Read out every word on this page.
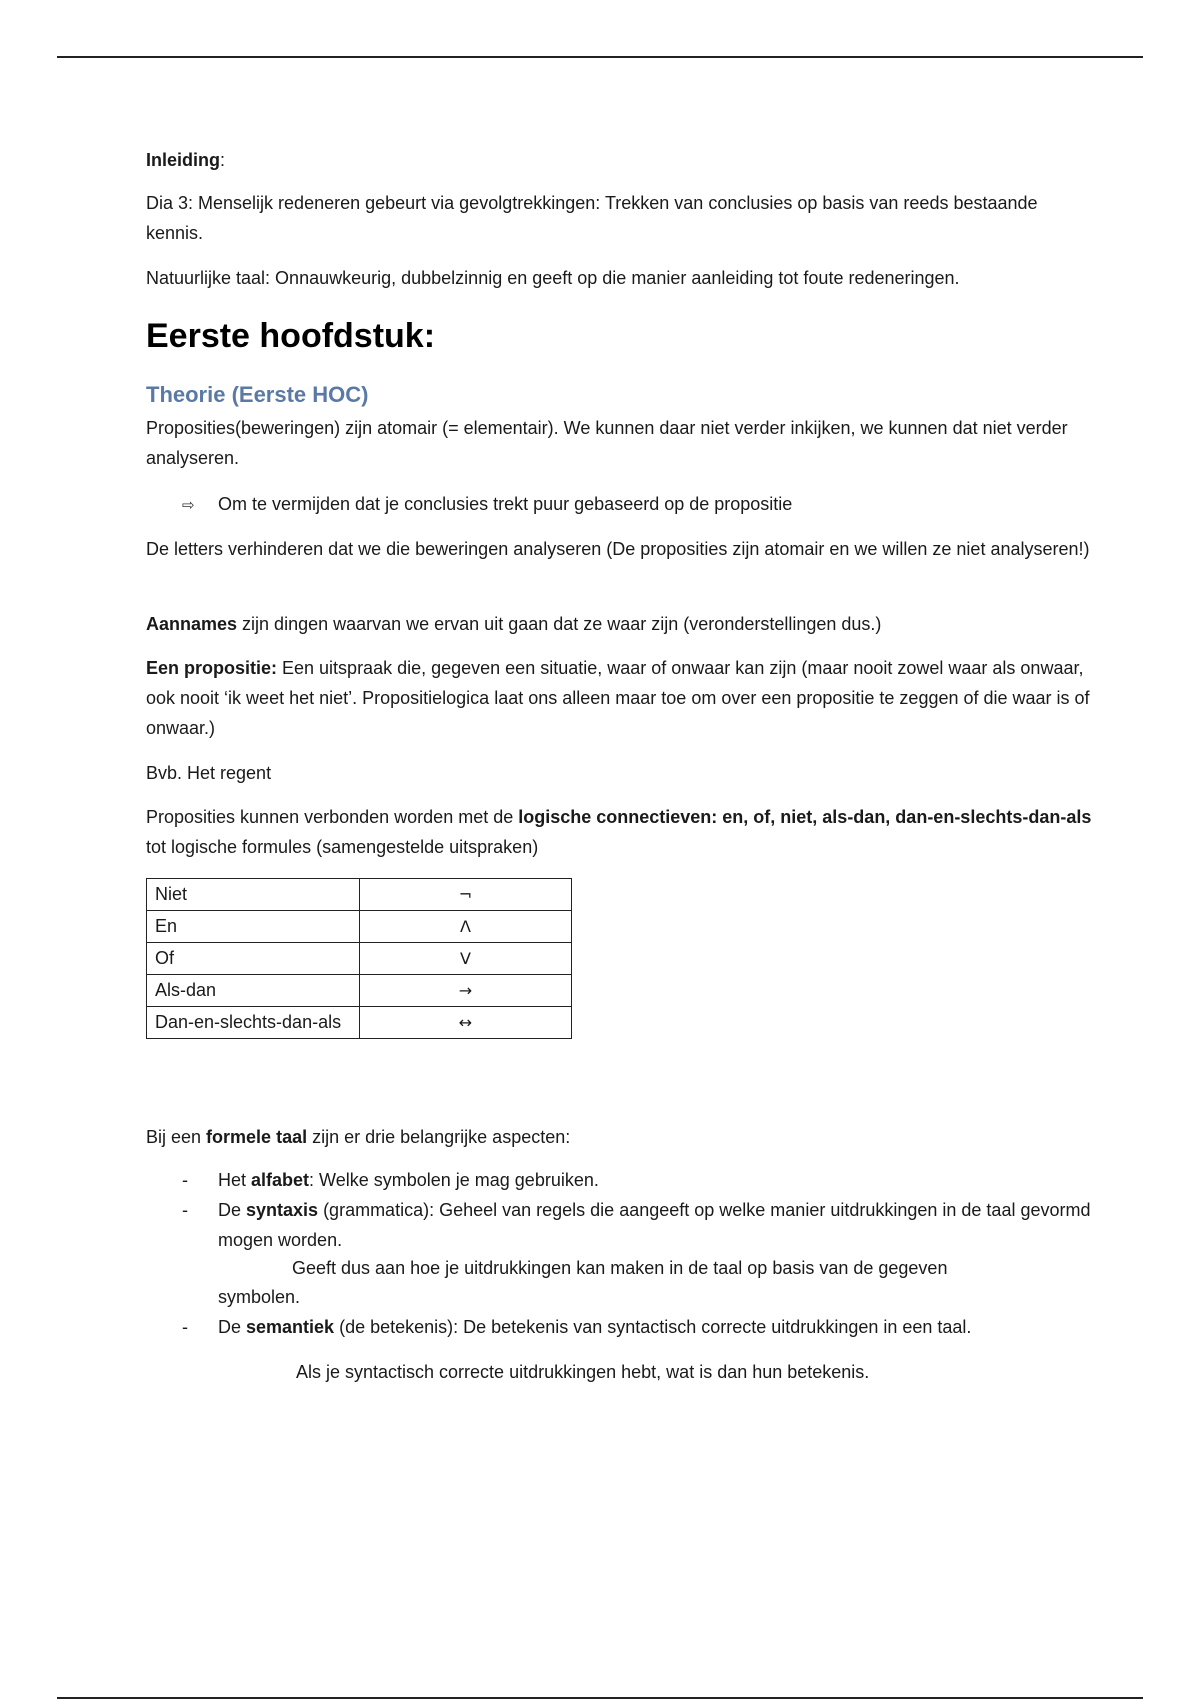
Inleiding:

Dia 3: Menselijk redeneren gebeurt via gevolgtrekkingen: Trekken van conclusies op basis van reeds bestaande kennis.

Natuurlijke taal: Onnauwkeurig, dubbelzinnig en geeft op die manier aanleiding tot foute redeneringen.

Eerste hoofdstuk:
Theorie (Eerste HOC)

Proposities(beweringen) zijn atomair (= elementair). We kunnen daar niet verder inkijken, we kunnen dat niet verder analyseren.

⇨ Om te vermijden dat je conclusies trekt puur gebaseerd op de propositie

De letters verhinderen dat we die beweringen analyseren (De proposities zijn atomair en we willen ze niet analyseren!)

Aannames zijn dingen waarvan we ervan uit gaan dat ze waar zijn (veronderstellingen dus.)

Een propositie: Een uitspraak die, gegeven een situatie, waar of onwaar kan zijn (maar nooit zowel waar als onwaar, ook nooit ‘ik weet het niet’. Propositielogica laat ons alleen maar toe om over een propositie te zeggen of die waar is of onwaar.)

Bvb. Het regent

Proposities kunnen verbonden worden met de logische connectieven: en, of, niet, als-dan, dan-en-slechts-dan-als tot logische formules (samengestelde uitspraken)

Niet	¬
En	Λ
Of	V
Als-dan	→
Dan-en-slechts-dan-als	↔

Bij een formele taal zijn er drie belangrijke aspecten:

- Het alfabet: Welke symbolen je mag gebruiken.
- De syntaxis (grammatica): Geheel van regels die aangeeft op welke manier uitdrukkingen in de taal gevormd mogen worden.
Geeft dus aan hoe je uitdrukkingen kan maken in de taal op basis van de gegeven
symbolen.
- De semantiek (de betekenis): De betekenis van syntactisch correcte uitdrukkingen in een taal.
Als je syntactisch correcte uitdrukkingen hebt, wat is dan hun betekenis.
